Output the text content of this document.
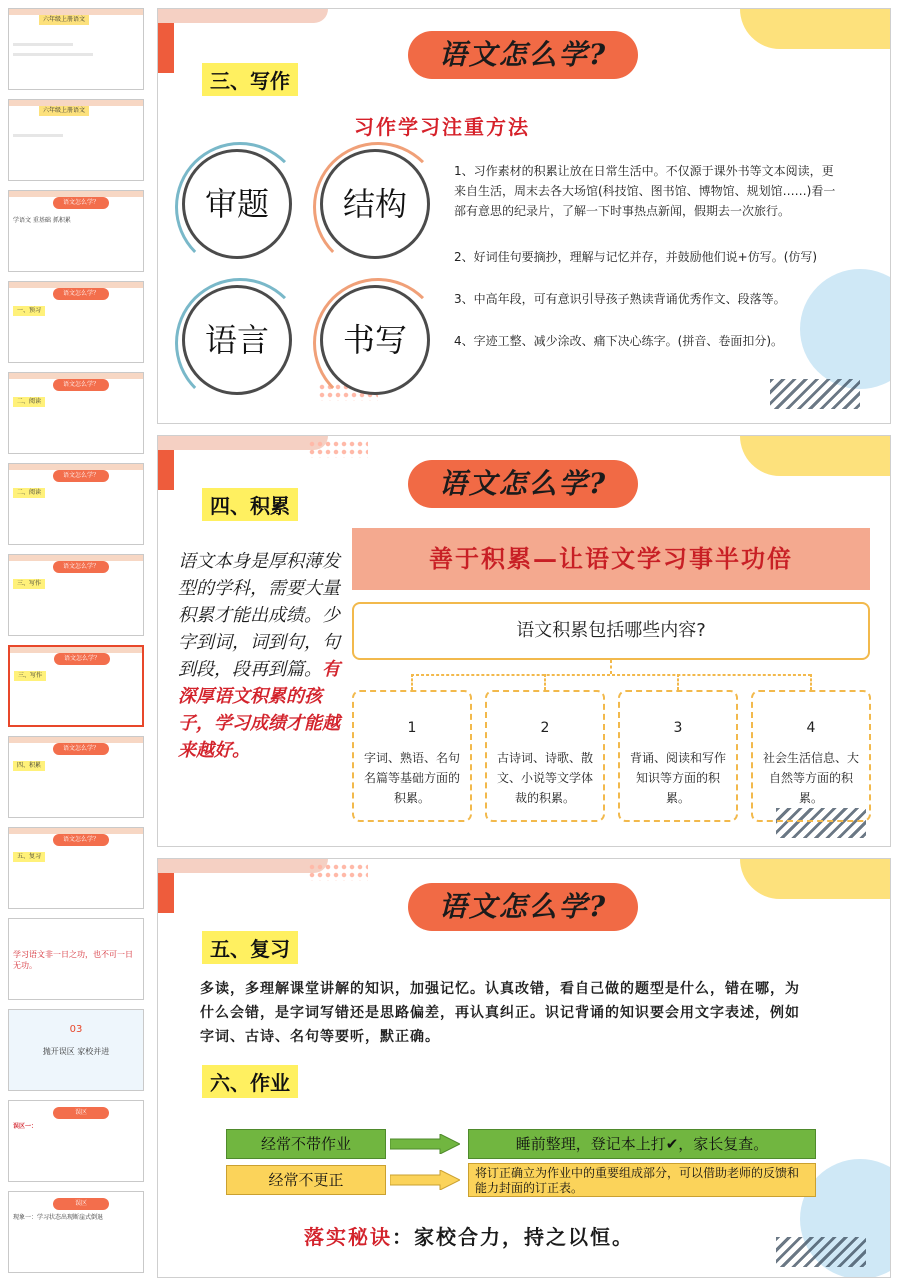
六年级上册语文
六年级上册语文
语文怎么学？
学语文 重基础 抓积累
语文怎么学？
一、预习
语文怎么学？
二、阅读
语文怎么学？
二、阅读
语文怎么学？
三、写作
语文怎么学？
三、写作
语文怎么学？
四、积累
语文怎么学？
五、复习
学习语文非一日之功，也不可一日无功。
03
抛开误区 家校并进
误区
误区一：
误区
现象一：学习状态出现断崖式倒退
语文怎么学?
三、写作
习作学习注重方法
审题	结构
语言	书写
1、习作素材的积累让放在日常生活中。不仅源于课外书等文本阅读，更来自生活，周末去各大场馆(科技馆、图书馆、博物馆、规划馆……)看一部有意思的纪录片，了解一下时事热点新闻，假期去一次旅行。
2、好词佳句要摘抄，理解与记忆并存，并鼓励他们说+仿写。(仿写)
3、中高年段，可有意识引导孩子熟读背诵优秀作文、段落等。
4、字迹工整、减少涂改、痛下决心练字。(拼音、卷面扣分)。
语文怎么学?
四、积累
语文本身是厚积薄发型的学科，需要大量积累才能出成绩。少字到词，词到句，句到段，段再到篇。有深厚语文积累的孩子，学习成绩才能越来越好。
善于积累—让语文学习事半功倍
语文积累包括哪些内容?
1
字词、熟语、名句名篇等基础方面的积累。
2
古诗词、诗歌、散文、小说等文学体裁的积累。
3
背诵、阅读和写作知识等方面的积累。
4
社会生活信息、大自然等方面的积累。
语文怎么学?
五、复习
多读，多理解课堂讲解的知识，加强记忆。认真改错，看自己做的题型是什么，错在哪，为什么会错，是字词写错还是思路偏差，再认真纠正。识记背诵的知识要会用文字表述，例如字词、古诗、名句等要听，默正确。
六、作业
经常不带作业	睡前整理，登记本上打✔，家长复查。
经常不更正	将订正确立为作业中的重要组成部分，可以借助老师的反馈和能力封面的订正表。
落实秘诀：家校合力，持之以恒。
